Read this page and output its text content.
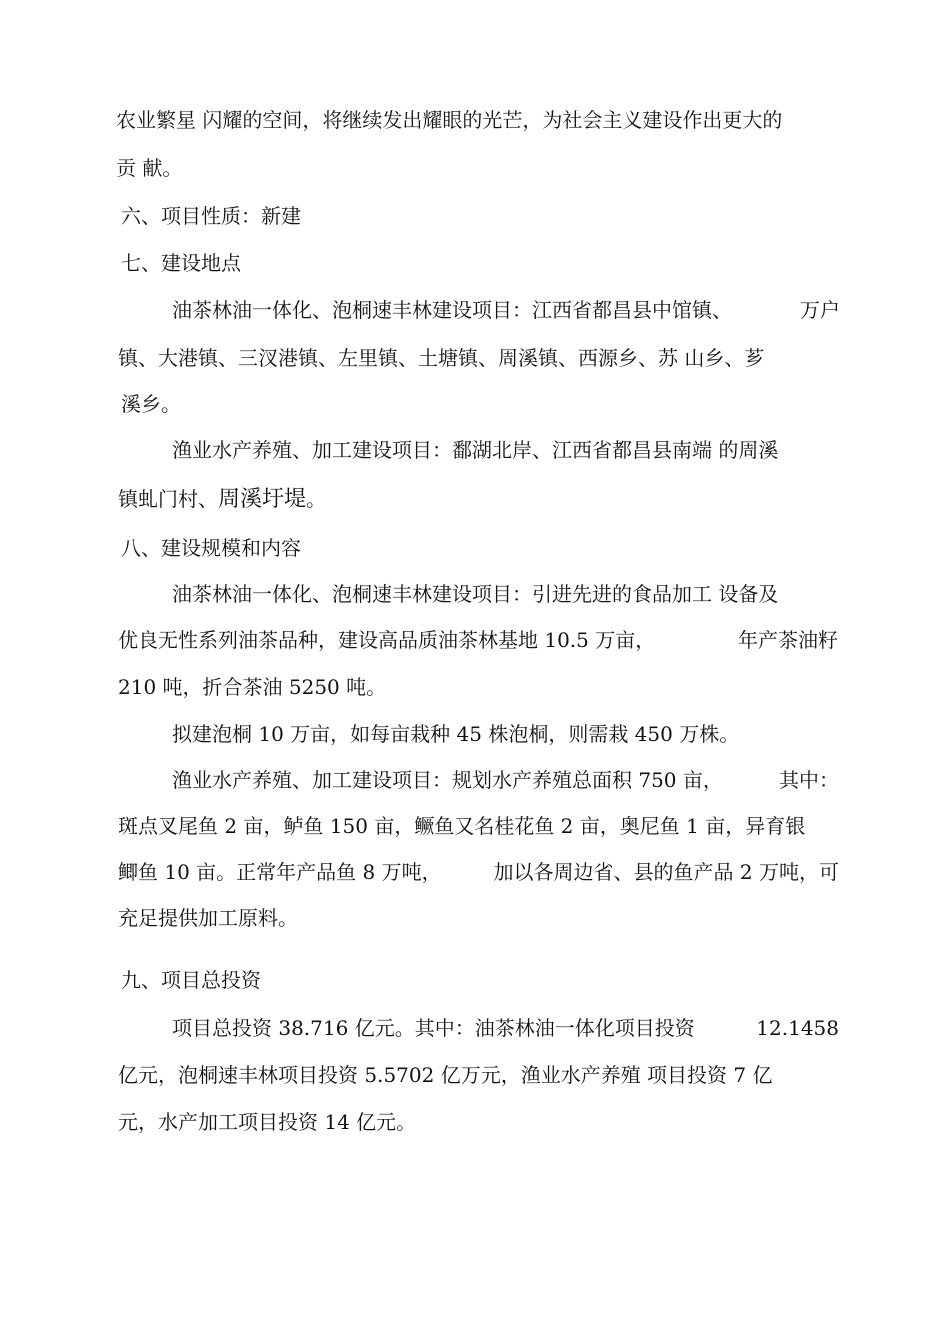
农业繁星 闪耀的空间，将继续发出耀眼的光芒，为社会主义建设作出更大的
贡 献。
六、项目性质：新建
七、建设地点
油茶林油一体化、泡桐速丰林建设项目：江西省都昌县中馆镇、	万户
镇、大港镇、三汊港镇、左里镇、土塘镇、周溪镇、西源乡、苏 山乡、芗
溪乡。
渔业水产养殖、加工建设项目：鄱湖北岸、江西省都昌县南端 的周溪
镇虬门村、周溪圩堤。
八、建设规模和内容
油茶林油一体化、泡桐速丰林建设项目：引进先进的食品加工 设备及
优良无性系列油茶品种，建设高品质油茶林基地 10.5 万亩，	年产茶油籽
210 吨，折合茶油 5250 吨。
拟建泡桐 10 万亩，如每亩栽种 45 株泡桐，则需栽 450 万株。
渔业水产养殖、加工建设项目：规划水产养殖总面积 750 亩，	其中：
斑点叉尾鱼 2 亩，鲈鱼 150 亩，鳜鱼又名桂花鱼 2 亩，奥尼鱼 1 亩，异育银
鲫鱼 10 亩。正常年产品鱼 8 万吨，	加以各周边省、县的鱼产品 2 万吨，可
充足提供加工原料。
九、项目总投资
项目总投资 38.716 亿元。其中：油茶林油一体化项目投资	12.1458
亿元，泡桐速丰林项目投资 5.5702 亿万元，渔业水产养殖 项目投资 7 亿
元，水产加工项目投资 14 亿元。
